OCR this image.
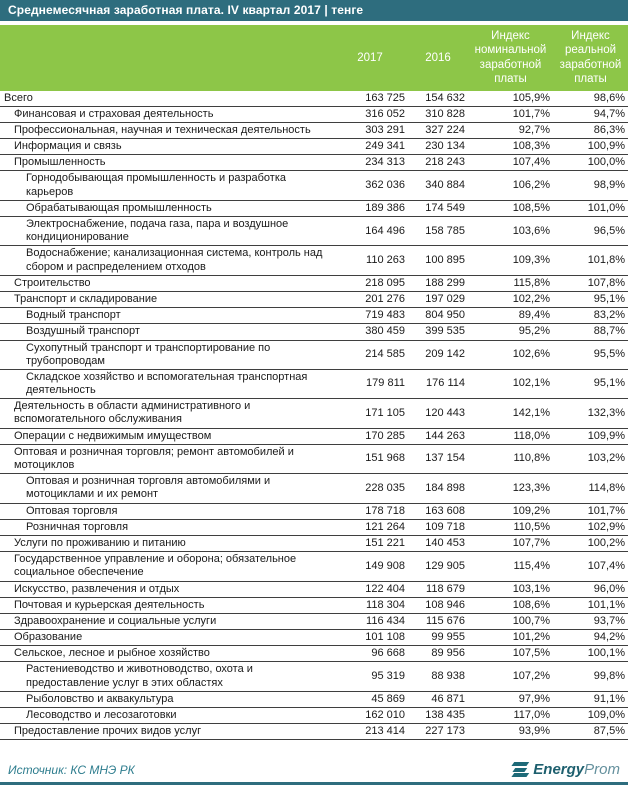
Среднемесячная заработная плата. IV квартал 2017 | тенге
	2017	2016	Индекс номинальной заработной платы	Индекс реальной заработной платы
Всего	163 725	154 632	105,9%	98,6%
Финансовая и страховая деятельность	316 052	310 828	101,7%	94,7%
Профессиональная, научная и техническая деятельность	303 291	327 224	92,7%	86,3%
Информация и связь	249 341	230 134	108,3%	100,9%
Промышленность	234 313	218 243	107,4%	100,0%
Горнодобывающая промышленность и разработка карьеров	362 036	340 884	106,2%	98,9%
Обрабатывающая промышленность	189 386	174 549	108,5%	101,0%
Электроснабжение, подача газа, пара и воздушное кондиционирование	164 496	158 785	103,6%	96,5%
Водоснабжение; канализационная система, контроль над сбором и распределением отходов	110 263	100 895	109,3%	101,8%
Строительство	218 095	188 299	115,8%	107,8%
Транспорт и складирование	201 276	197 029	102,2%	95,1%
Водный транспорт	719 483	804 950	89,4%	83,2%
Воздушный транспорт	380 459	399 535	95,2%	88,7%
Сухопутный транспорт и транспортирование по трубопроводам	214 585	209 142	102,6%	95,5%
Складское хозяйство и вспомогательная транспортная деятельность	179 811	176 114	102,1%	95,1%
Деятельность в области административного и вспомогательного обслуживания	171 105	120 443	142,1%	132,3%
Операции с недвижимым имуществом	170 285	144 263	118,0%	109,9%
Оптовая и розничная торговля; ремонт автомобилей и мотоциклов	151 968	137 154	110,8%	103,2%
Оптовая и розничная торговля автомобилями и мотоциклами и их ремонт	228 035	184 898	123,3%	114,8%
Оптовая торговля	178 718	163 608	109,2%	101,7%
Розничная торговля	121 264	109 718	110,5%	102,9%
Услуги по проживанию и питанию	151 221	140 453	107,7%	100,2%
Государственное управление и оборона; обязательное социальное обеспечение	149 908	129 905	115,4%	107,4%
Искусство, развлечения и отдых	122 404	118 679	103,1%	96,0%
Почтовая и курьерская деятельность	118 304	108 946	108,6%	101,1%
Здравоохранение и социальные услуги	116 434	115 676	100,7%	93,7%
Образование	101 108	99 955	101,2%	94,2%
Сельское, лесное и рыбное хозяйство	96 668	89 956	107,5%	100,1%
Растениеводство и животноводство, охота и предоставление услуг в этих областях	95 319	88 938	107,2%	99,8%
Рыболовство и аквакультура	45 869	46 871	97,9%	91,1%
Лесоводство и лесозаготовки	162 010	138 435	117,0%	109,0%
Предоставление прочих видов услуг	213 414	227 173	93,9%	87,5%
Источник: КС МНЭ РК	EnergyProm
